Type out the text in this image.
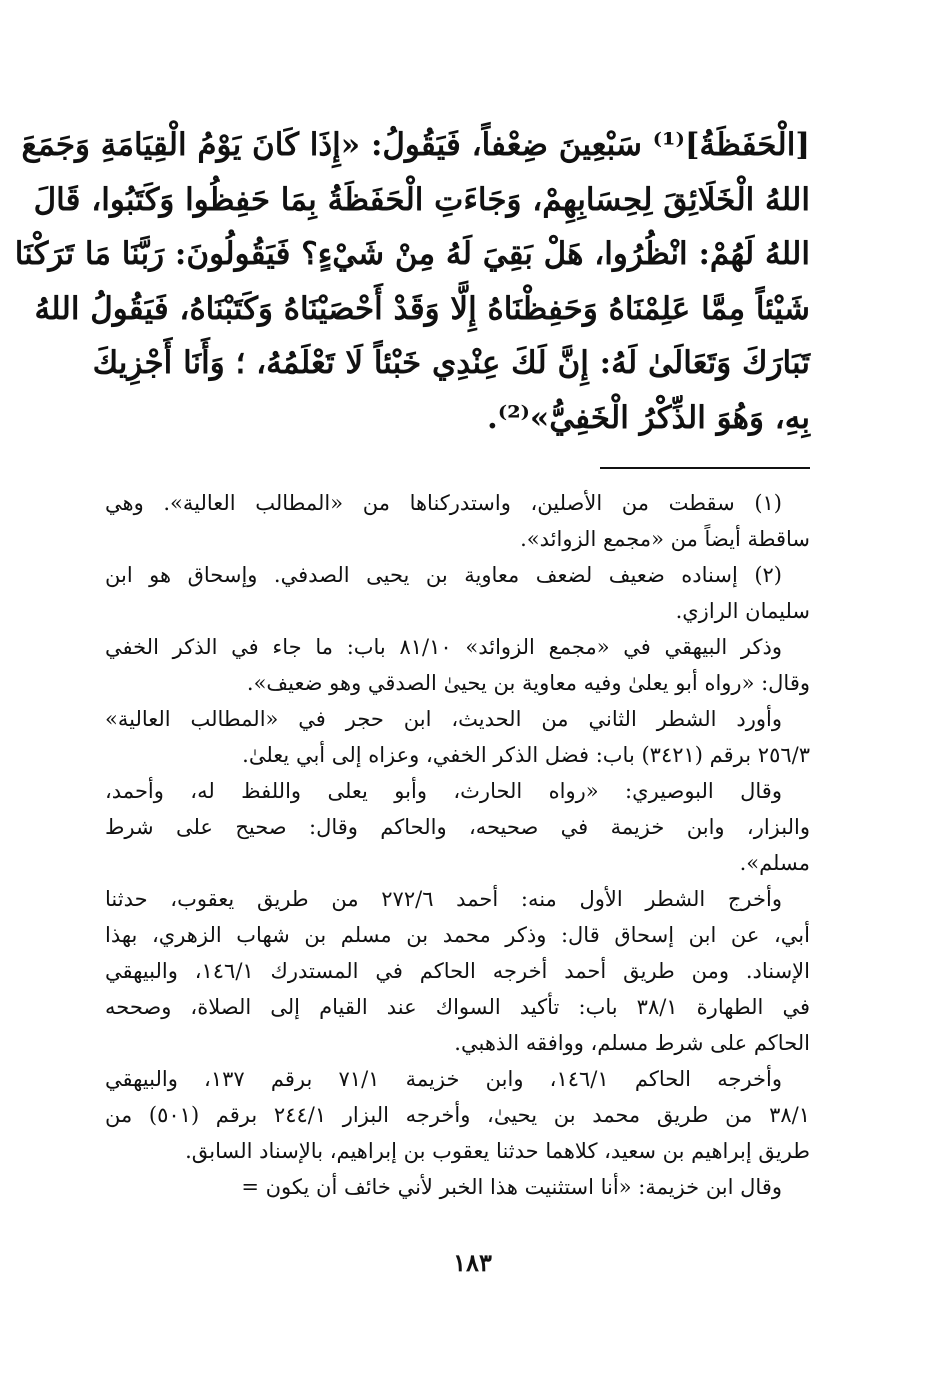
[الْحَفَظَةُ]⁽¹⁾ سَبْعِينَ ضِعْفاً، فَيَقُولُ: «إِذَا كَانَ يَوْمُ الْقِيَامَةِ وَجَمَعَ
اللهُ الْخَلَائِقَ لِحِسَابِهِمْ، وَجَاءَتِ الْحَفَظَةُ بِمَا حَفِظُوا وَكَتَبُوا، قَالَ
اللهُ لَهُمْ: انْظُرُوا، هَلْ بَقِيَ لَهُ مِنْ شَيْءٍ؟ فَيَقُولُونَ: رَبَّنَا مَا تَرَكْنَا
شَيْئاً مِمَّا عَلِمْنَاهُ وَحَفِظْنَاهُ إِلَّا وَقَدْ أَحْصَيْنَاهُ وَكَتَبْنَاهُ، فَيَقُولُ اللهُ
تَبَارَكَ وَتَعَالَىٰ لَهُ: إِنَّ لَكَ عِنْدِي خَبْئاً لَا تَعْلَمُهُ، ؛ وَأَنَا أَجْزِيكَ
بِهِ، وَهُوَ الذِّكْرُ الْخَفِيُّ»⁽²⁾.
(١) سقطت من الأصلين، واستدركناها من «المطالب العالية». وهي
ساقطة أيضاً من «مجمع الزوائد».
(٢) إسناده ضعيف لضعف معاوية بن يحيى الصدفي. وإسحاق هو ابن
سليمان الرازي.
وذكر البيهقي في «مجمع الزوائد» ٨١/١٠ باب: ما جاء في الذكر الخفي
وقال: «رواه أبو يعلىٰ وفيه معاوية بن يحيىٰ الصدقي وهو ضعيف».
وأورد الشطر الثاني من الحديث، ابن حجر في «المطالب العالية»
٢٥٦/٣ برقم (٣٤٢١) باب: فضل الذكر الخفي، وعزاه إلى أبي يعلىٰ.
وقال البوصيري: «رواه الحارث، وأبو يعلى واللفظ له، وأحمد،
والبزار، وابن خزيمة في صحيحه، والحاكم وقال: صحيح على شرط
مسلم».
وأخرج الشطر الأول منه: أحمد ٢٧٢/٦ من طريق يعقوب، حدثنا
أبي، عن ابن إسحاق قال: وذكر محمد بن مسلم بن شهاب الزهري، بهذا
الإسناد. ومن طريق أحمد أخرجه الحاكم في المستدرك ١٤٦/١، والبيهقي
في الطهارة ٣٨/١ باب: تأكيد السواك عند القيام إلى الصلاة، وصححه
الحاكم على شرط مسلم، ووافقه الذهبي.
وأخرجه الحاكم ١٤٦/١، وابن خزيمة ٧١/١ برقم ١٣٧، والبيهقي
٣٨/١ من طريق محمد بن يحيىٰ، وأخرجه البزار ٢٤٤/١ برقم (٥٠١) من
طريق إبراهيم بن سعيد، كلاهما حدثنا يعقوب بن إبراهيم، بالإسناد السابق.
وقال ابن خزيمة: «أنا استثنيت هذا الخبر لأني خائف أن يكون =
١٨٣
